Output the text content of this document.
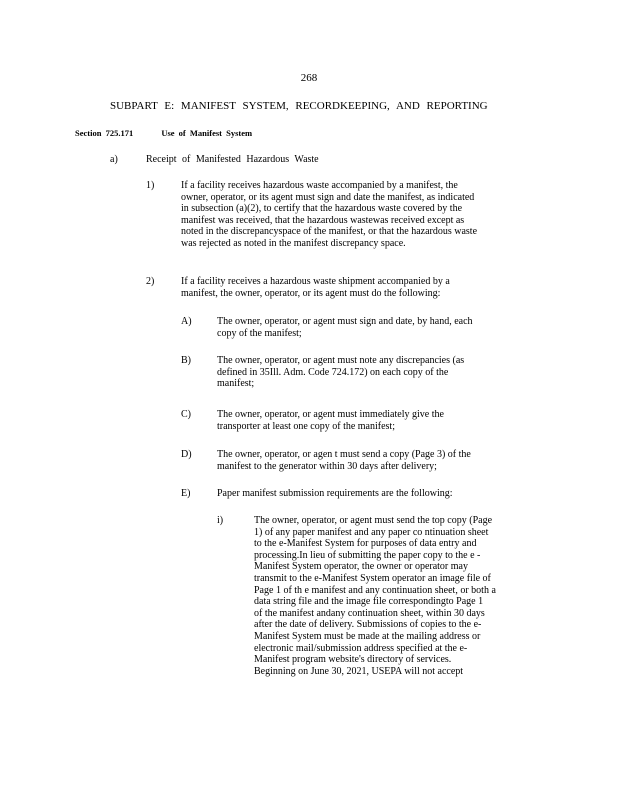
268
SUBPART E: MANIFEST SYSTEM, RECORDKEEPING, AND REPORTING
Section 725.171	Use of Manifest System
a)	Receipt of Manifested Hazardous Waste
1)	If a facility receives hazardous waste accompanied by a manifest, the
owner, operator, or its agent must sign and date the manifest, as indicated
in subsection (a)(2), to certify that the hazardous waste covered by the
manifest was received, that the hazardous wastewas received except as
noted in the discrepancyspace of the manifest, or that the hazardous waste
was rejected as noted in the manifest discrepancy space.
2)	If a facility receives a hazardous waste shipment accompanied by a
manifest, the owner, operator, or its agent must do the following:
A)	The owner, operator, or agent must sign and date, by hand, each
copy of the manifest;
B)	The owner, operator, or agent must note any discrepancies (as
defined in 35Ill. Adm. Code 724.172) on each copy of the
manifest;
C)	The owner, operator, or agent must immediately give the
transporter at least one copy of the manifest;
D)	The owner, operator, or agen t must send a copy (Page 3) of the
manifest to the generator within 30 days after delivery;
E)	Paper manifest submission requirements are the following:
i)	The owner, operator, or agent must send the top copy (Page
1) of any paper manifest and any paper co ntinuation sheet
to the e-Manifest System for purposes of data entry and
processing.In lieu of submitting the paper copy to the e -
Manifest System operator, the owner or operator may
transmit to the e-Manifest System operator an image file of
Page 1 of th e manifest and any continuation sheet, or both a
data string file and the image file correspondingto Page 1
of the manifest andany continuation sheet, within 30 days
after the date of delivery. Submissions of copies to the e-
Manifest System must be made at the mailing address or
electronic mail/submission address specified at the e-
Manifest program website's directory of services.
Beginning on June 30, 2021, USEPA will not accept
